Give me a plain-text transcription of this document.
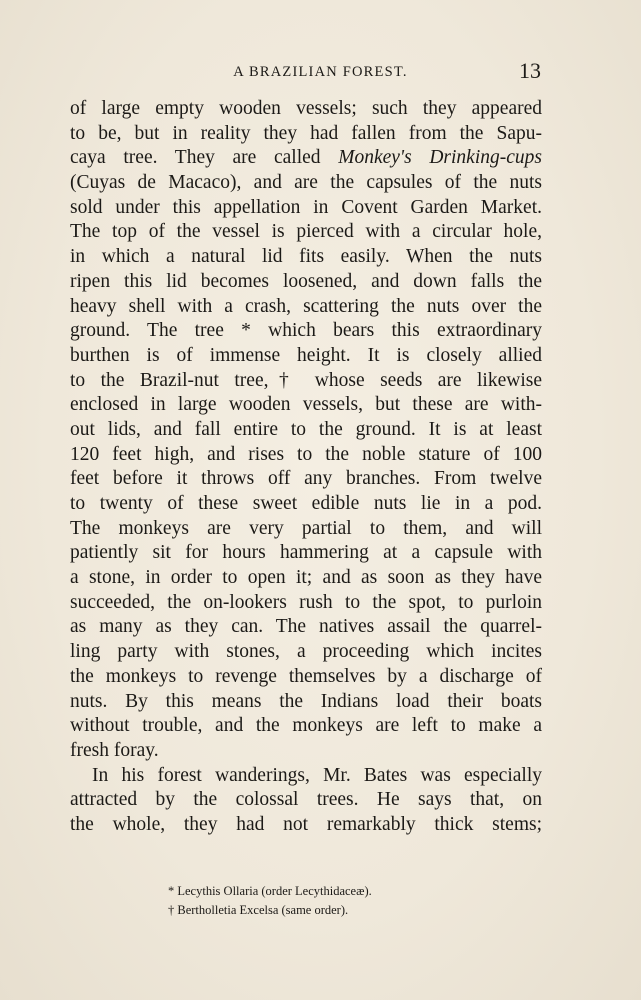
A BRAZILIAN FOREST.	13
of large empty wooden vessels; such they appeared
to be, but in reality they had fallen from the Sapu-
caya tree. They are called Monkey's Drinking-cups
(Cuyas de Macaco), and are the capsules of the nuts
sold under this appellation in Covent Garden Market.
The top of the vessel is pierced with a circular hole,
in which a natural lid fits easily. When the nuts
ripen this lid becomes loosened, and down falls the
heavy shell with a crash, scattering the nuts over the
ground. The tree * which bears this extraordinary
burthen is of immense height. It is closely allied
to the Brazil-nut tree,† whose seeds are likewise
enclosed in large wooden vessels, but these are with-
out lids, and fall entire to the ground. It is at least
120 feet high, and rises to the noble stature of 100
feet before it throws off any branches. From twelve
to twenty of these sweet edible nuts lie in a pod.
The monkeys are very partial to them, and will
patiently sit for hours hammering at a capsule with
a stone, in order to open it; and as soon as they have
succeeded, the on-lookers rush to the spot, to purloin
as many as they can. The natives assail the quarrel-
ling party with stones, a proceeding which incites
the monkeys to revenge themselves by a discharge of
nuts. By this means the Indians load their boats
without trouble, and the monkeys are left to make a
fresh foray.
In his forest wanderings, Mr. Bates was especially
attracted by the colossal trees. He says that, on
the whole, they had not remarkably thick stems;
* Lecythis Ollaria (order Lecythidaceæ).
† Bertholletia Excelsa (same order).
